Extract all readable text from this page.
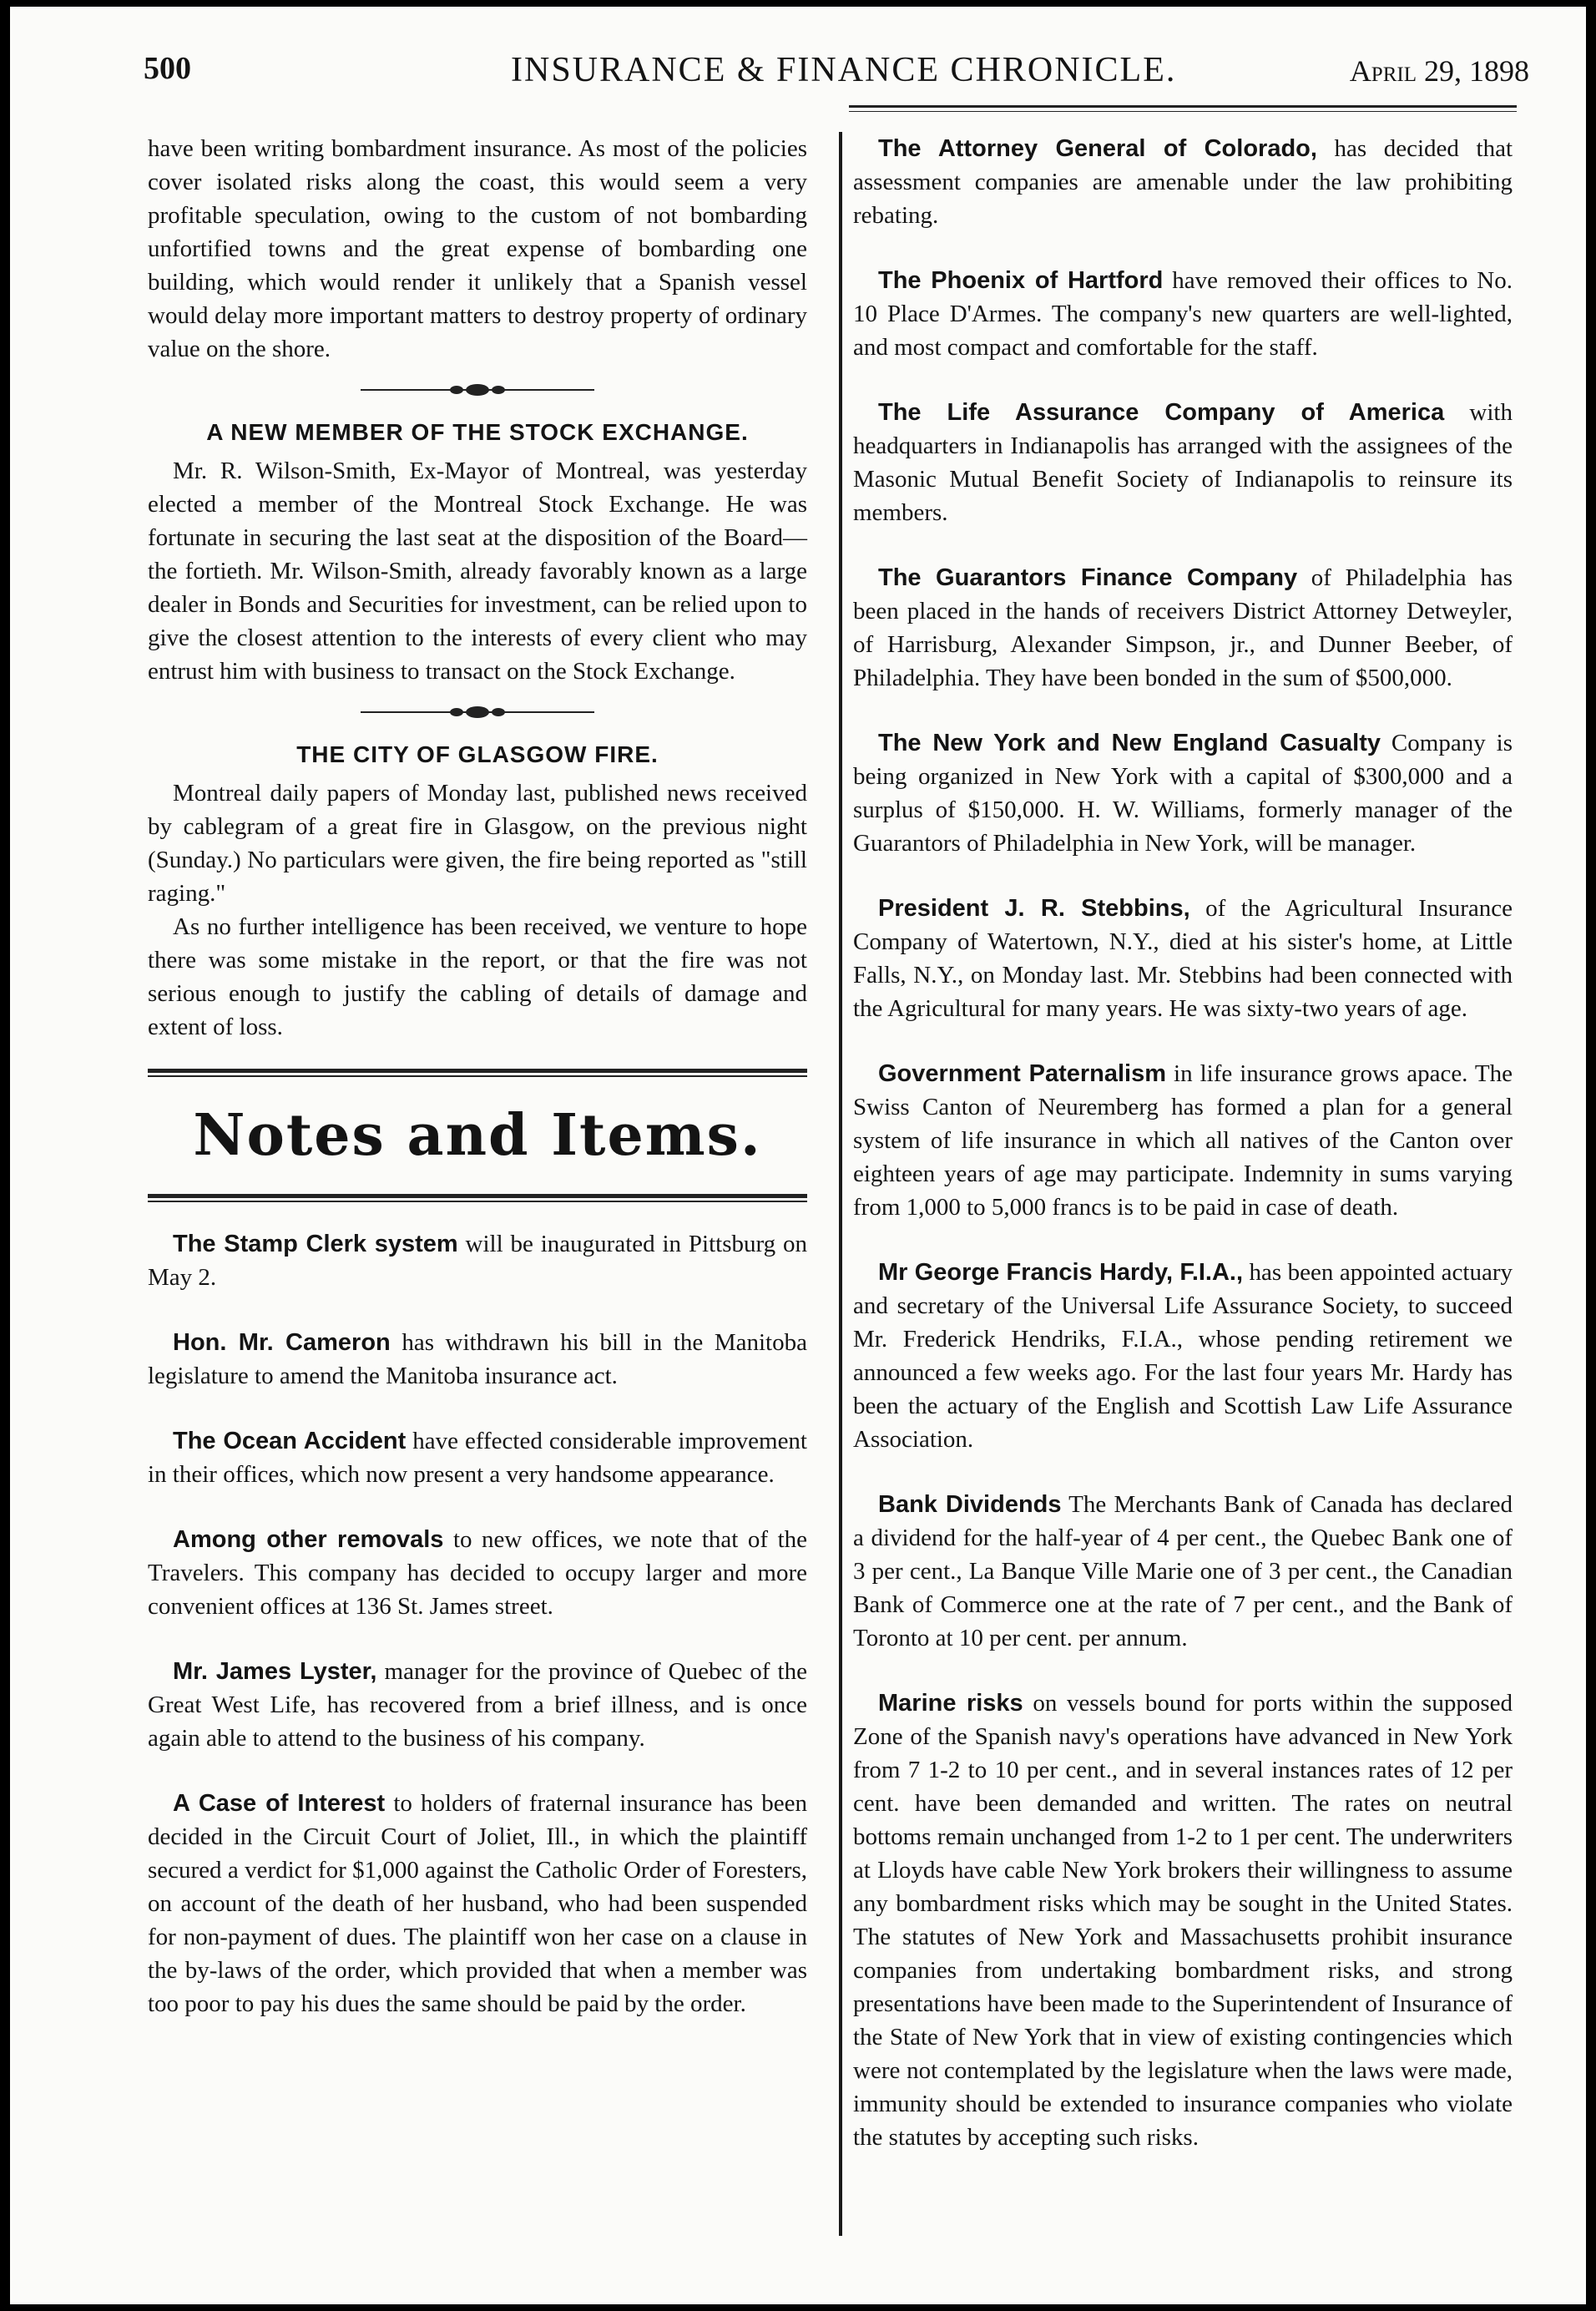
500	INSURANCE & FINANCE CHRONICLE.	April 29, 1898

have been writing bombardment insurance. As most of the policies cover isolated risks along the coast, this would seem a very profitable speculation, owing to the custom of not bombarding unfortified towns and the great expense of bombarding one building, which would render it unlikely that a Spanish vessel would delay more important matters to destroy property of ordinary value on the shore.

A NEW MEMBER OF THE STOCK EXCHANGE.

Mr. R. Wilson-Smith, Ex-Mayor of Montreal, was yesterday elected a member of the Montreal Stock Exchange. He was fortunate in securing the last seat at the disposition of the Board—the fortieth. Mr. Wilson-Smith, already favorably known as a large dealer in Bonds and Securities for investment, can be relied upon to give the closest attention to the interests of every client who may entrust him with business to transact on the Stock Exchange.

THE CITY OF GLASGOW FIRE.

Montreal daily papers of Monday last, published news received by cablegram of a great fire in Glasgow, on the previous night (Sunday.) No particulars were given, the fire being reported as "still raging."

As no further intelligence has been received, we venture to hope there was some mistake in the report, or that the fire was not serious enough to justify the cabling of details of damage and extent of loss.

Notes and Items.

The Stamp Clerk system will be inaugurated in Pittsburg on May 2.

Hon. Mr. Cameron has withdrawn his bill in the Manitoba legislature to amend the Manitoba insurance act.

The Ocean Accident have effected considerable improvement in their offices, which now present a very handsome appearance.

Among other removals to new offices, we note that of the Travelers. This company has decided to occupy larger and more convenient offices at 136 St. James street.

Mr. James Lyster, manager for the province of Quebec of the Great West Life, has recovered from a brief illness, and is once again able to attend to the business of his company.

A Case of Interest to holders of fraternal insurance has been decided in the Circuit Court of Joliet, Ill., in which the plaintiff secured a verdict for $1,000 against the Catholic Order of Foresters, on account of the death of her husband, who had been suspended for non-payment of dues. The plaintiff won her case on a clause in the by-laws of the order, which provided that when a member was too poor to pay his dues the same should be paid by the order.

The Attorney General of Colorado, has decided that assessment companies are amenable under the law prohibiting rebating.

The Phoenix of Hartford have removed their offices to No. 10 Place D'Armes. The company's new quarters are well-lighted, and most compact and comfortable for the staff.

The Life Assurance Company of America with headquarters in Indianapolis has arranged with the assignees of the Masonic Mutual Benefit Society of Indianapolis to reinsure its members.

The Guarantors Finance Company of Philadelphia has been placed in the hands of receivers District Attorney Detweyler, of Harrisburg, Alexander Simpson, jr., and Dunner Beeber, of Philadelphia. They have been bonded in the sum of $500,000.

The New York and New England Casualty Company is being organized in New York with a capital of $300,000 and a surplus of $150,000. H. W. Williams, formerly manager of the Guarantors of Philadelphia in New York, will be manager.

President J. R. Stebbins, of the Agricultural Insurance Company of Watertown, N.Y., died at his sister's home, at Little Falls, N.Y., on Monday last. Mr. Stebbins had been connected with the Agricultural for many years. He was sixty-two years of age.

Government Paternalism in life insurance grows apace. The Swiss Canton of Neuremberg has formed a plan for a general system of life insurance in which all natives of the Canton over eighteen years of age may participate. Indemnity in sums varying from 1,000 to 5,000 francs is to be paid in case of death.

Mr George Francis Hardy, F.I.A., has been appointed actuary and secretary of the Universal Life Assurance Society, to succeed Mr. Frederick Hendriks, F.I.A., whose pending retirement we announced a few weeks ago. For the last four years Mr. Hardy has been the actuary of the English and Scottish Law Life Assurance Association.

Bank Dividends The Merchants Bank of Canada has declared a dividend for the half-year of 4 per cent., the Quebec Bank one of 3 per cent., La Banque Ville Marie one of 3 per cent., the Canadian Bank of Commerce one at the rate of 7 per cent., and the Bank of Toronto at 10 per cent. per annum.

Marine risks on vessels bound for ports within the supposed Zone of the Spanish navy's operations have advanced in New York from 7 1-2 to 10 per cent., and in several instances rates of 12 per cent. have been demanded and written. The rates on neutral bottoms remain unchanged from 1-2 to 1 per cent. The underwriters at Lloyds have cable New York brokers their willingness to assume any bombardment risks which may be sought in the United States. The statutes of New York and Massachusetts prohibit insurance companies from undertaking bombardment risks, and strong presentations have been made to the Superintendent of Insurance of the State of New York that in view of existing contingencies which were not contemplated by the legislature when the laws were made, immunity should be extended to insurance companies who violate the statutes by accepting such risks.
